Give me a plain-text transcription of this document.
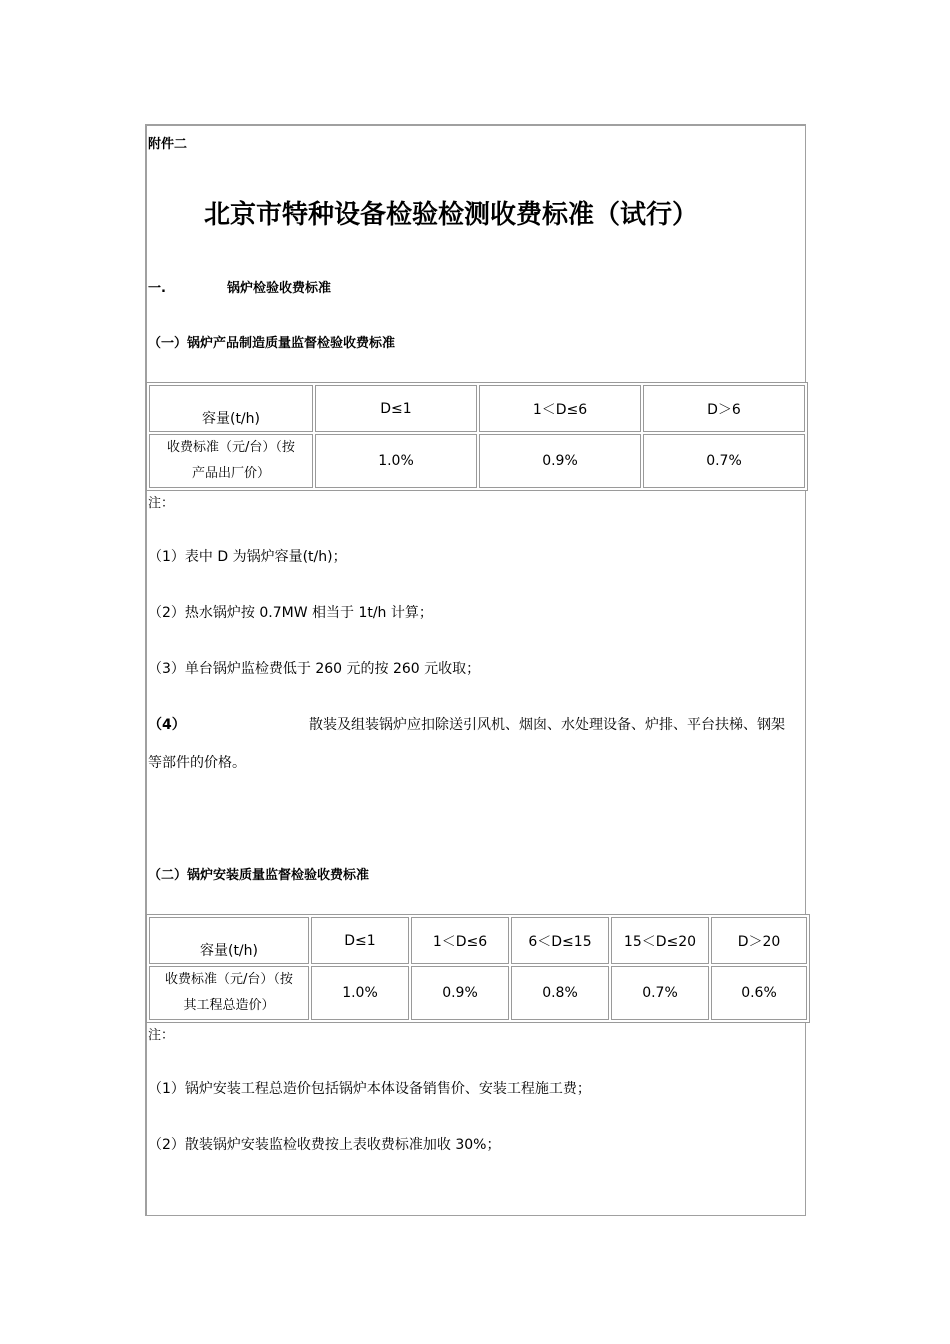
附件二
北京市特种设备检验检测收费标准（试行）
一.	锅炉检验收费标准
（一）锅炉产品制造质量监督检验收费标准
容量(t/h)	D≤1	1＜D≤6	D＞6

收费标准（元/台）（按
产品出厂价）	1.0%	0.9%	0.7%
注：
（1）表中 D 为锅炉容量(t/h)；
（2）热水锅炉按 0.7MW 相当于 1t/h 计算；
（3）单台锅炉监检费低于 260 元的按 260 元收取；
（4）	散装及组装锅炉应扣除送引风机、烟囱、水处理设备、炉排、平台扶梯、钢架
等部件的价格。
（二）锅炉安装质量监督检验收费标准
容量(t/h)	D≤1	1＜D≤6	6＜D≤15	15＜D≤20	D＞20

收费标准（元/台）（按
其工程总造价）	1.0%	0.9%	0.8%	0.7%	0.6%
注：
（1）锅炉安装工程总造价包括锅炉本体设备销售价、安装工程施工费；
（2）散装锅炉安装监检收费按上表收费标准加收 30%；
